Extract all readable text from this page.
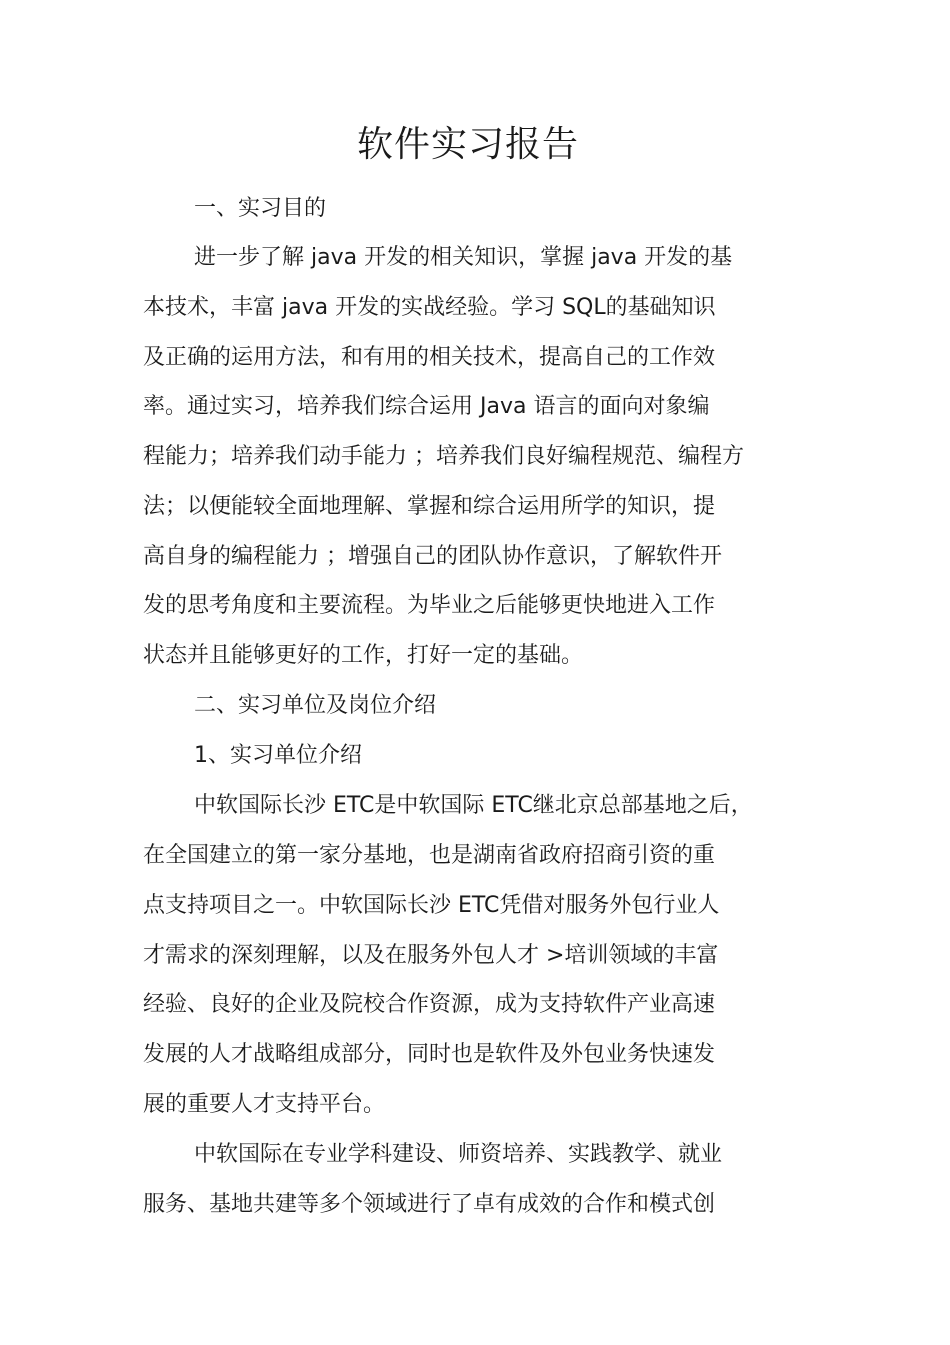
软件实习报告
一、实习目的
进一步了解 java 开发的相关知识，掌握 java 开发的基
本技术，丰富 java 开发的实战经验。学习 SQL的基础知识
及正确的运用方法，和有用的相关技术，提高自己的工作效
率。通过实习，培养我们综合运用 Java 语言的面向对象编
程能力；培养我们动手能力 ；培养我们良好编程规范、编程方
法；以便能较全面地理解、掌握和综合运用所学的知识，提
高自身的编程能力 ；增强自己的团队协作意识，了解软件开
发的思考角度和主要流程。为毕业之后能够更快地进入工作
状态并且能够更好的工作，打好一定的基础。
二、实习单位及岗位介绍
1、实习单位介绍
中软国际长沙 ETC是中软国际 ETC继北京总部基地之后，
在全国建立的第一家分基地，也是湖南省政府招商引资的重
点支持项目之一。中软国际长沙 ETC凭借对服务外包行业人
才需求的深刻理解，以及在服务外包人才 >培训领域的丰富
经验、良好的企业及院校合作资源，成为支持软件产业高速
发展的人才战略组成部分，同时也是软件及外包业务快速发
展的重要人才支持平台。
中软国际在专业学科建设、师资培养、实践教学、就业
服务、基地共建等多个领域进行了卓有成效的合作和模式创
